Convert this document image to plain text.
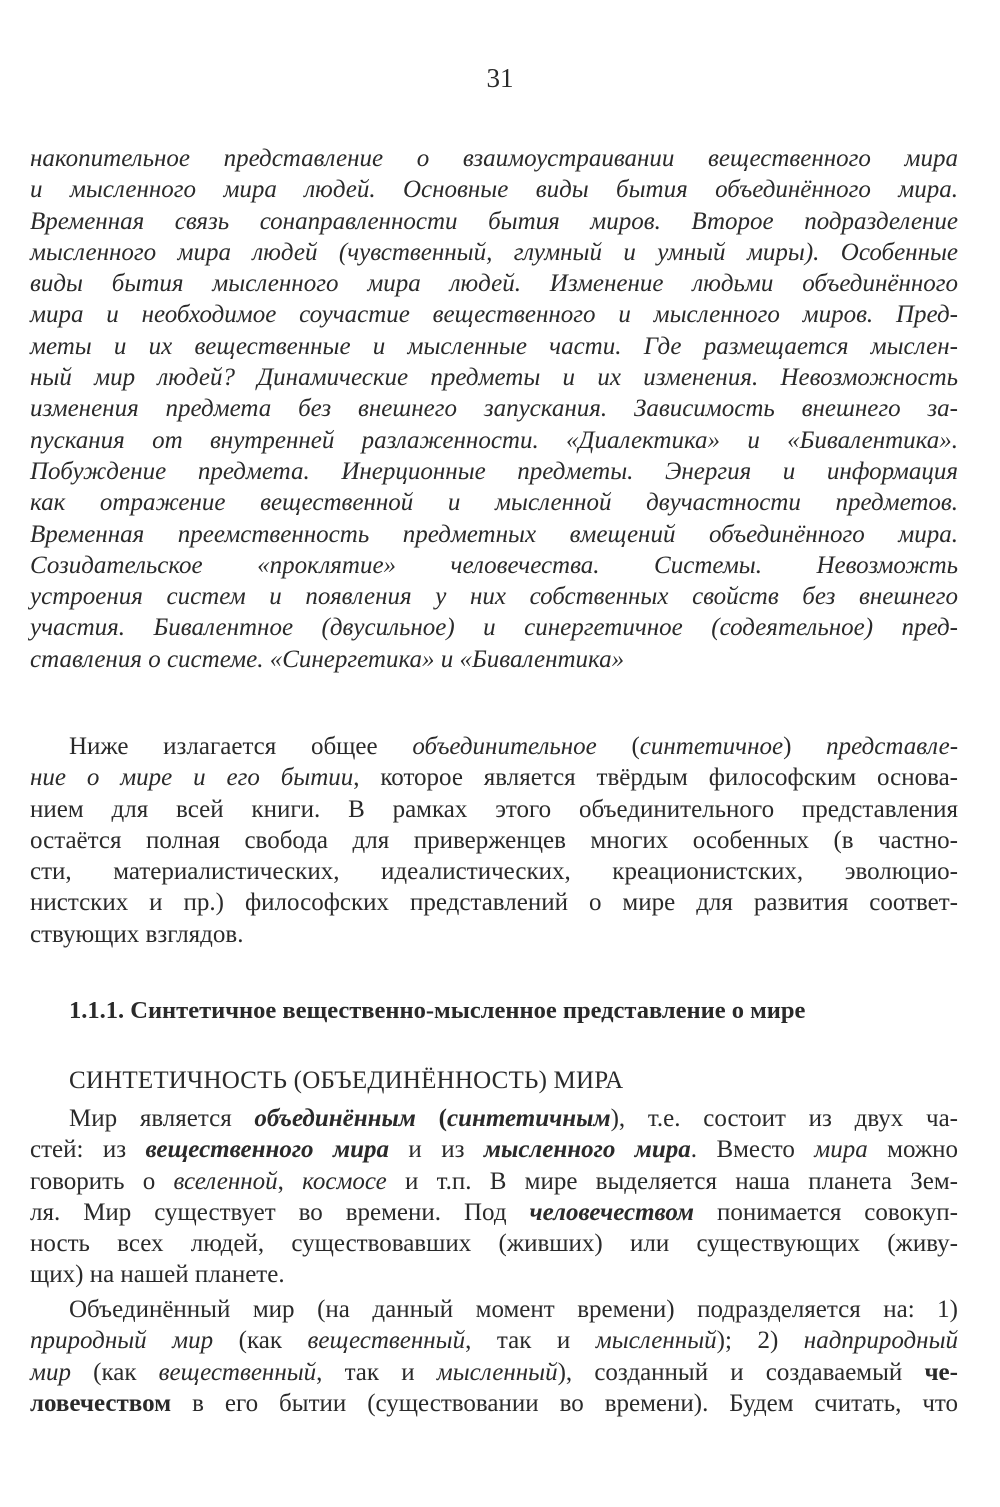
31
накопительное представление о взаимоустраивании вещественного мира
и мысленного мира людей. Основные виды бытия объединённого мира.
Временная связь сонаправленности бытия миров. Второе подразделение
мысленного мира людей (чувственный, глумный и умный миры). Особенные
виды бытия мысленного мира людей. Изменение людьми объединённого
мира и необходимое соучастие вещественного и мысленного миров. Пред-
меты и их вещественные и мысленные части. Где размещается мыслен-
ный мир людей? Динамические предметы и их изменения. Невозможность
изменения предмета без внешнего запускания. Зависимость внешнего за-
пускания от внутренней разлаженности. «Диалектика» и «Бивалентика».
Побуждение предмета. Инерционные предметы. Энергия и информация
как отражение вещественной и мысленной двучастности предметов.
Временная преемственность предметных вмещений объединённого мира.
Созидательское «проклятие» человечества. Системы. Невозможть
устроения систем и появления у них собственных свойств без внешнего
участия. Бивалентное (двусильное) и синергетичное (содеятельное) пред-
ставления о системе. «Синергетика» и «Бивалентика»
Ниже излагается общее объединительное (синтетичное) представле-
ние о мире и его бытии, которое является твёрдым философским основа-
нием для всей книги. В рамках этого объединительного представления
остаётся полная свобода для приверженцев многих особенных (в частно-
сти, материалистических, идеалистических, креационистских, эволюцио-
нистских и пр.) философских представлений о мире для развития соответ-
ствующих взглядов.
1.1.1. Синтетичное вещественно-мысленное представление о мире
СИНТЕТИЧНОСТЬ (ОБЪЕДИНЁННОСТЬ) МИРА
Мир является объединённым (синтетичным), т.е. состоит из двух ча-
стей: из вещественного мира и из мысленного мира. Вместо мира можно
говорить о вселенной, космосе и т.п. В мире выделяется наша планета Зем-
ля. Мир существует во времени. Под человечеством понимается совокуп-
ность всех людей, существовавших (живших) или существующих (живу-
щих) на нашей планете.
Объединённый мир (на данный момент времени) подразделяется на: 1)
природный мир (как вещественный, так и мысленный); 2) надприродный
мир (как вещественный, так и мысленный), созданный и создаваемый че-
ловечеством в его бытии (существовании во времени). Будем считать, что
